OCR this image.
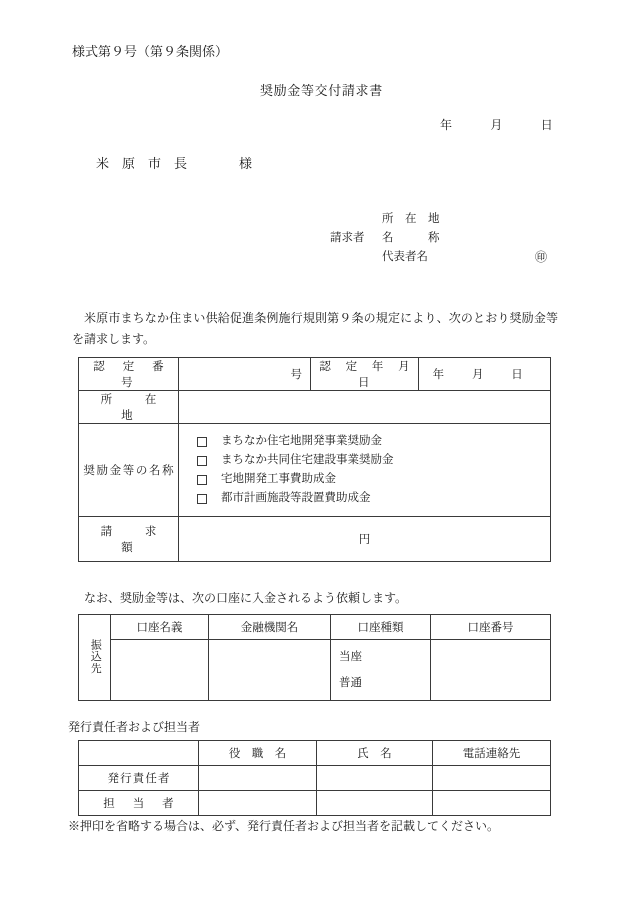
様式第９号（第９条関係）
奨励金等交付請求書
年　　　月　　　日
米　原　市　長　　　　様
所　在　地
請求者	名　　　称
代表者名	㊞
米原市まちなか住まい供給促進条例施行規則第９条の規定により、次のとおり奨励金等を請求します。
認　定　番　号	号	認　定　年　月　日	年 月 日

所　　在　　地			
奨励金等の名称	まちなか住宅地開発事業奨励金
まちなか共同住宅建設事業奨励金
宅地開発工事費助成金
都市計画施設等設置費助成金		

請　　求　　額	円		
なお、奨励金等は、次の口座に入金されるよう依頼します。
振込先	口座名義	金融機関名	口座種類	口座番号

			当座
普通	

発行責任者および担当者
	役　職　名	氏　名	電話連絡先
発行責任者			
担　当　者			
※押印を省略する場合は、必ず、発行責任者および担当者を記載してください。
